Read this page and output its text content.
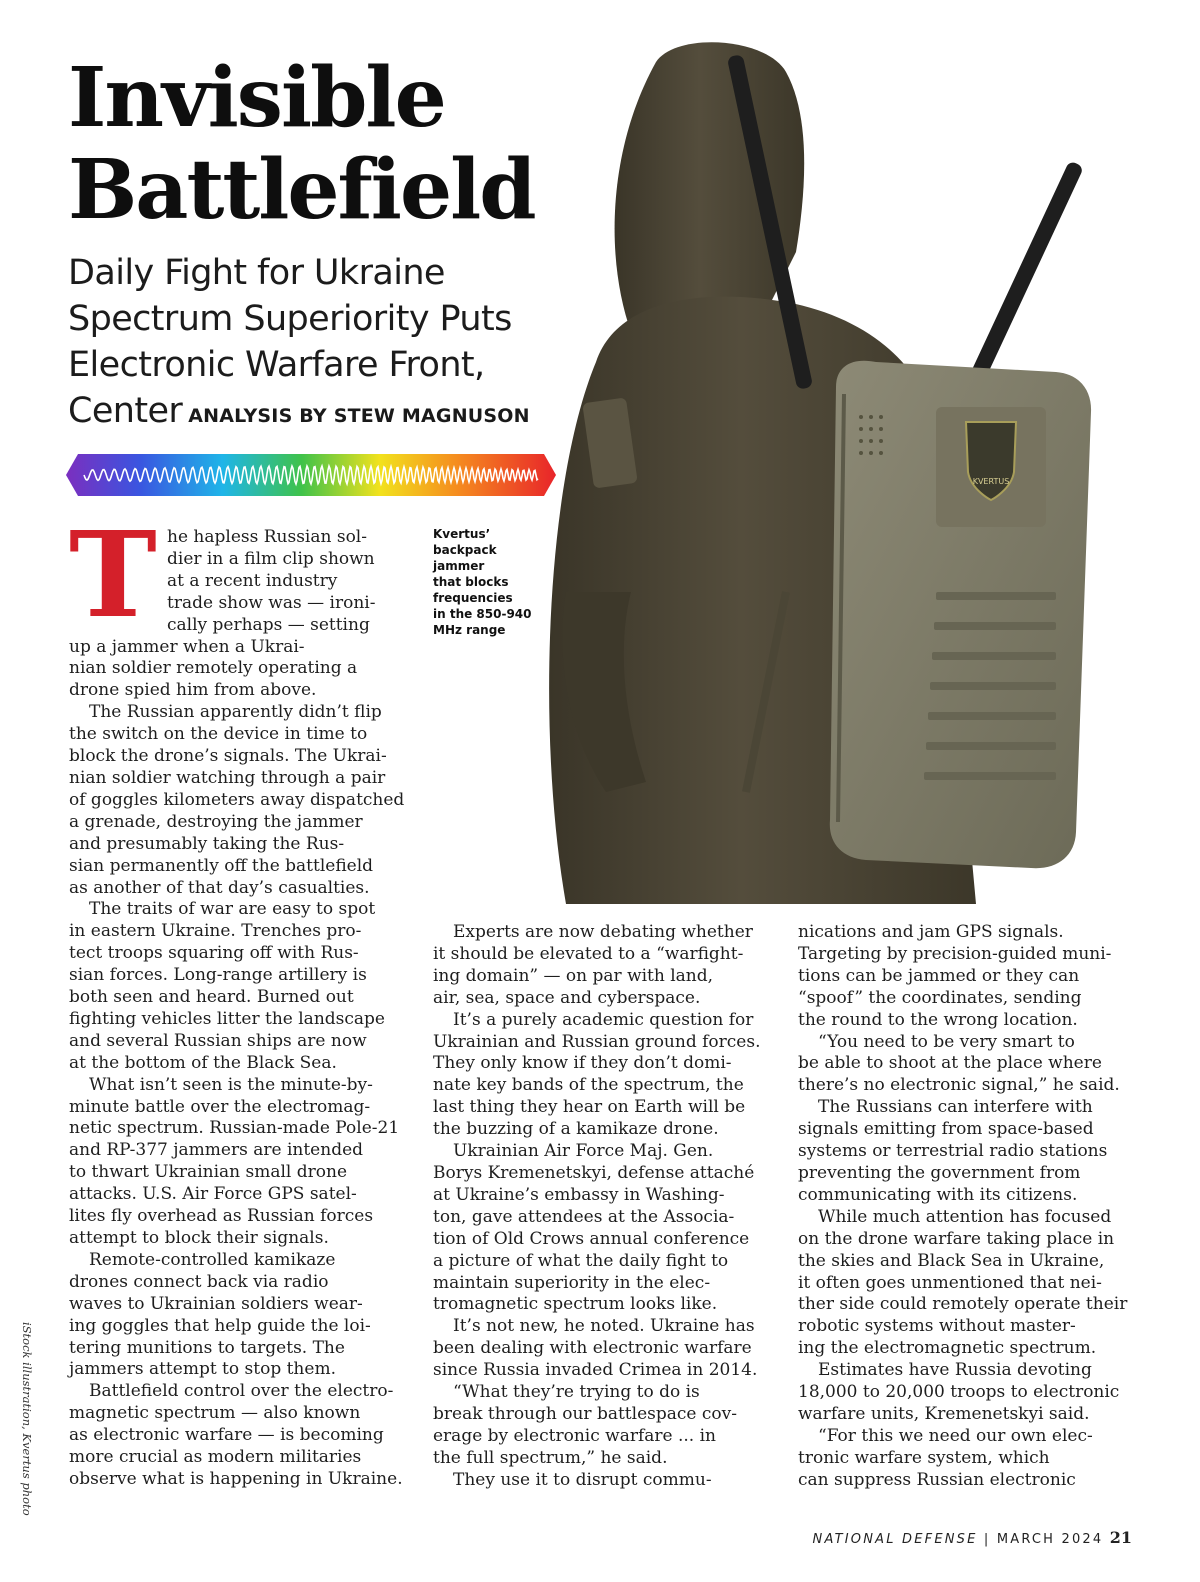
KVERTUS
Invisible
Battlefield
Daily Fight for Ukraine
Spectrum Superiority Puts
Electronic Warfare Front,
Center ANALYSIS BY STEW MAGNUSON

Kvertus’
backpack
jammer
that blocks
frequencies
in the 850-940
MHz range

T he hapless Russian sol-
dier in a film clip shown
at a recent industry
trade show was — ironi-
cally perhaps — setting
up a jammer when a Ukrai-
nian soldier remotely operating a
drone spied him from above.
The Russian apparently didn’t flip
the switch on the device in time to
block the drone’s signals. The Ukrai-
nian soldier watching through a pair
of goggles kilometers away dispatched
a grenade, destroying the jammer
and presumably taking the Rus-
sian permanently off the battlefield
as another of that day’s casualties.
The traits of war are easy to spot
in eastern Ukraine. Trenches pro-
tect troops squaring off with Rus-
sian forces. Long-range artillery is
both seen and heard. Burned out
fighting vehicles litter the landscape
and several Russian ships are now
at the bottom of the Black Sea.
What isn’t seen is the minute-by-
minute battle over the electromag-
netic spectrum. Russian-made Pole-21
and RP-377 jammers are intended
to thwart Ukrainian small drone
attacks. U.S. Air Force GPS satel-
lites fly overhead as Russian forces
attempt to block their signals.
Remote-controlled kamikaze
drones connect back via radio
waves to Ukrainian soldiers wear-
ing goggles that help guide the loi-
tering munitions to targets. The
jammers attempt to stop them.
Battlefield control over the electro-
magnetic spectrum — also known
as electronic warfare — is becoming
more crucial as modern militaries
observe what is happening in Ukraine.
Experts are now debating whether
it should be elevated to a “warfight-
ing domain” — on par with land,
air, sea, space and cyberspace.
It’s a purely academic question for
Ukrainian and Russian ground forces.
They only know if they don’t domi-
nate key bands of the spectrum, the
last thing they hear on Earth will be
the buzzing of a kamikaze drone.
Ukrainian Air Force Maj. Gen.
Borys Kremenetskyi, defense attaché
at Ukraine’s embassy in Washing-
ton, gave attendees at the Associa-
tion of Old Crows annual conference
a picture of what the daily fight to
maintain superiority in the elec-
tromagnetic spectrum looks like.
It’s not new, he noted. Ukraine has
been dealing with electronic warfare
since Russia invaded Crimea in 2014.
“What they’re trying to do is
break through our battlespace cov-
erage by electronic warfare ... in
the full spectrum,” he said.
They use it to disrupt commu-
nications and jam GPS signals.
Targeting by precision-guided muni-
tions can be jammed or they can
“spoof” the coordinates, sending
the round to the wrong location.
“You need to be very smart to
be able to shoot at the place where
there’s no electronic signal,” he said.
The Russians can interfere with
signals emitting from space-based
systems or terrestrial radio stations
preventing the government from
communicating with its citizens.
While much attention has focused
on the drone warfare taking place in
the skies and Black Sea in Ukraine,
it often goes unmentioned that nei-
ther side could remotely operate their
robotic systems without master-
ing the electromagnetic spectrum.
Estimates have Russia devoting
18,000 to 20,000 troops to electronic
warfare units, Kremenetskyi said.
“For this we need our own elec-
tronic warfare system, which
can suppress Russian electronic
iStock illustration, Kvertus photo
NATIONAL DEFENSE | MARCH 2024 21
